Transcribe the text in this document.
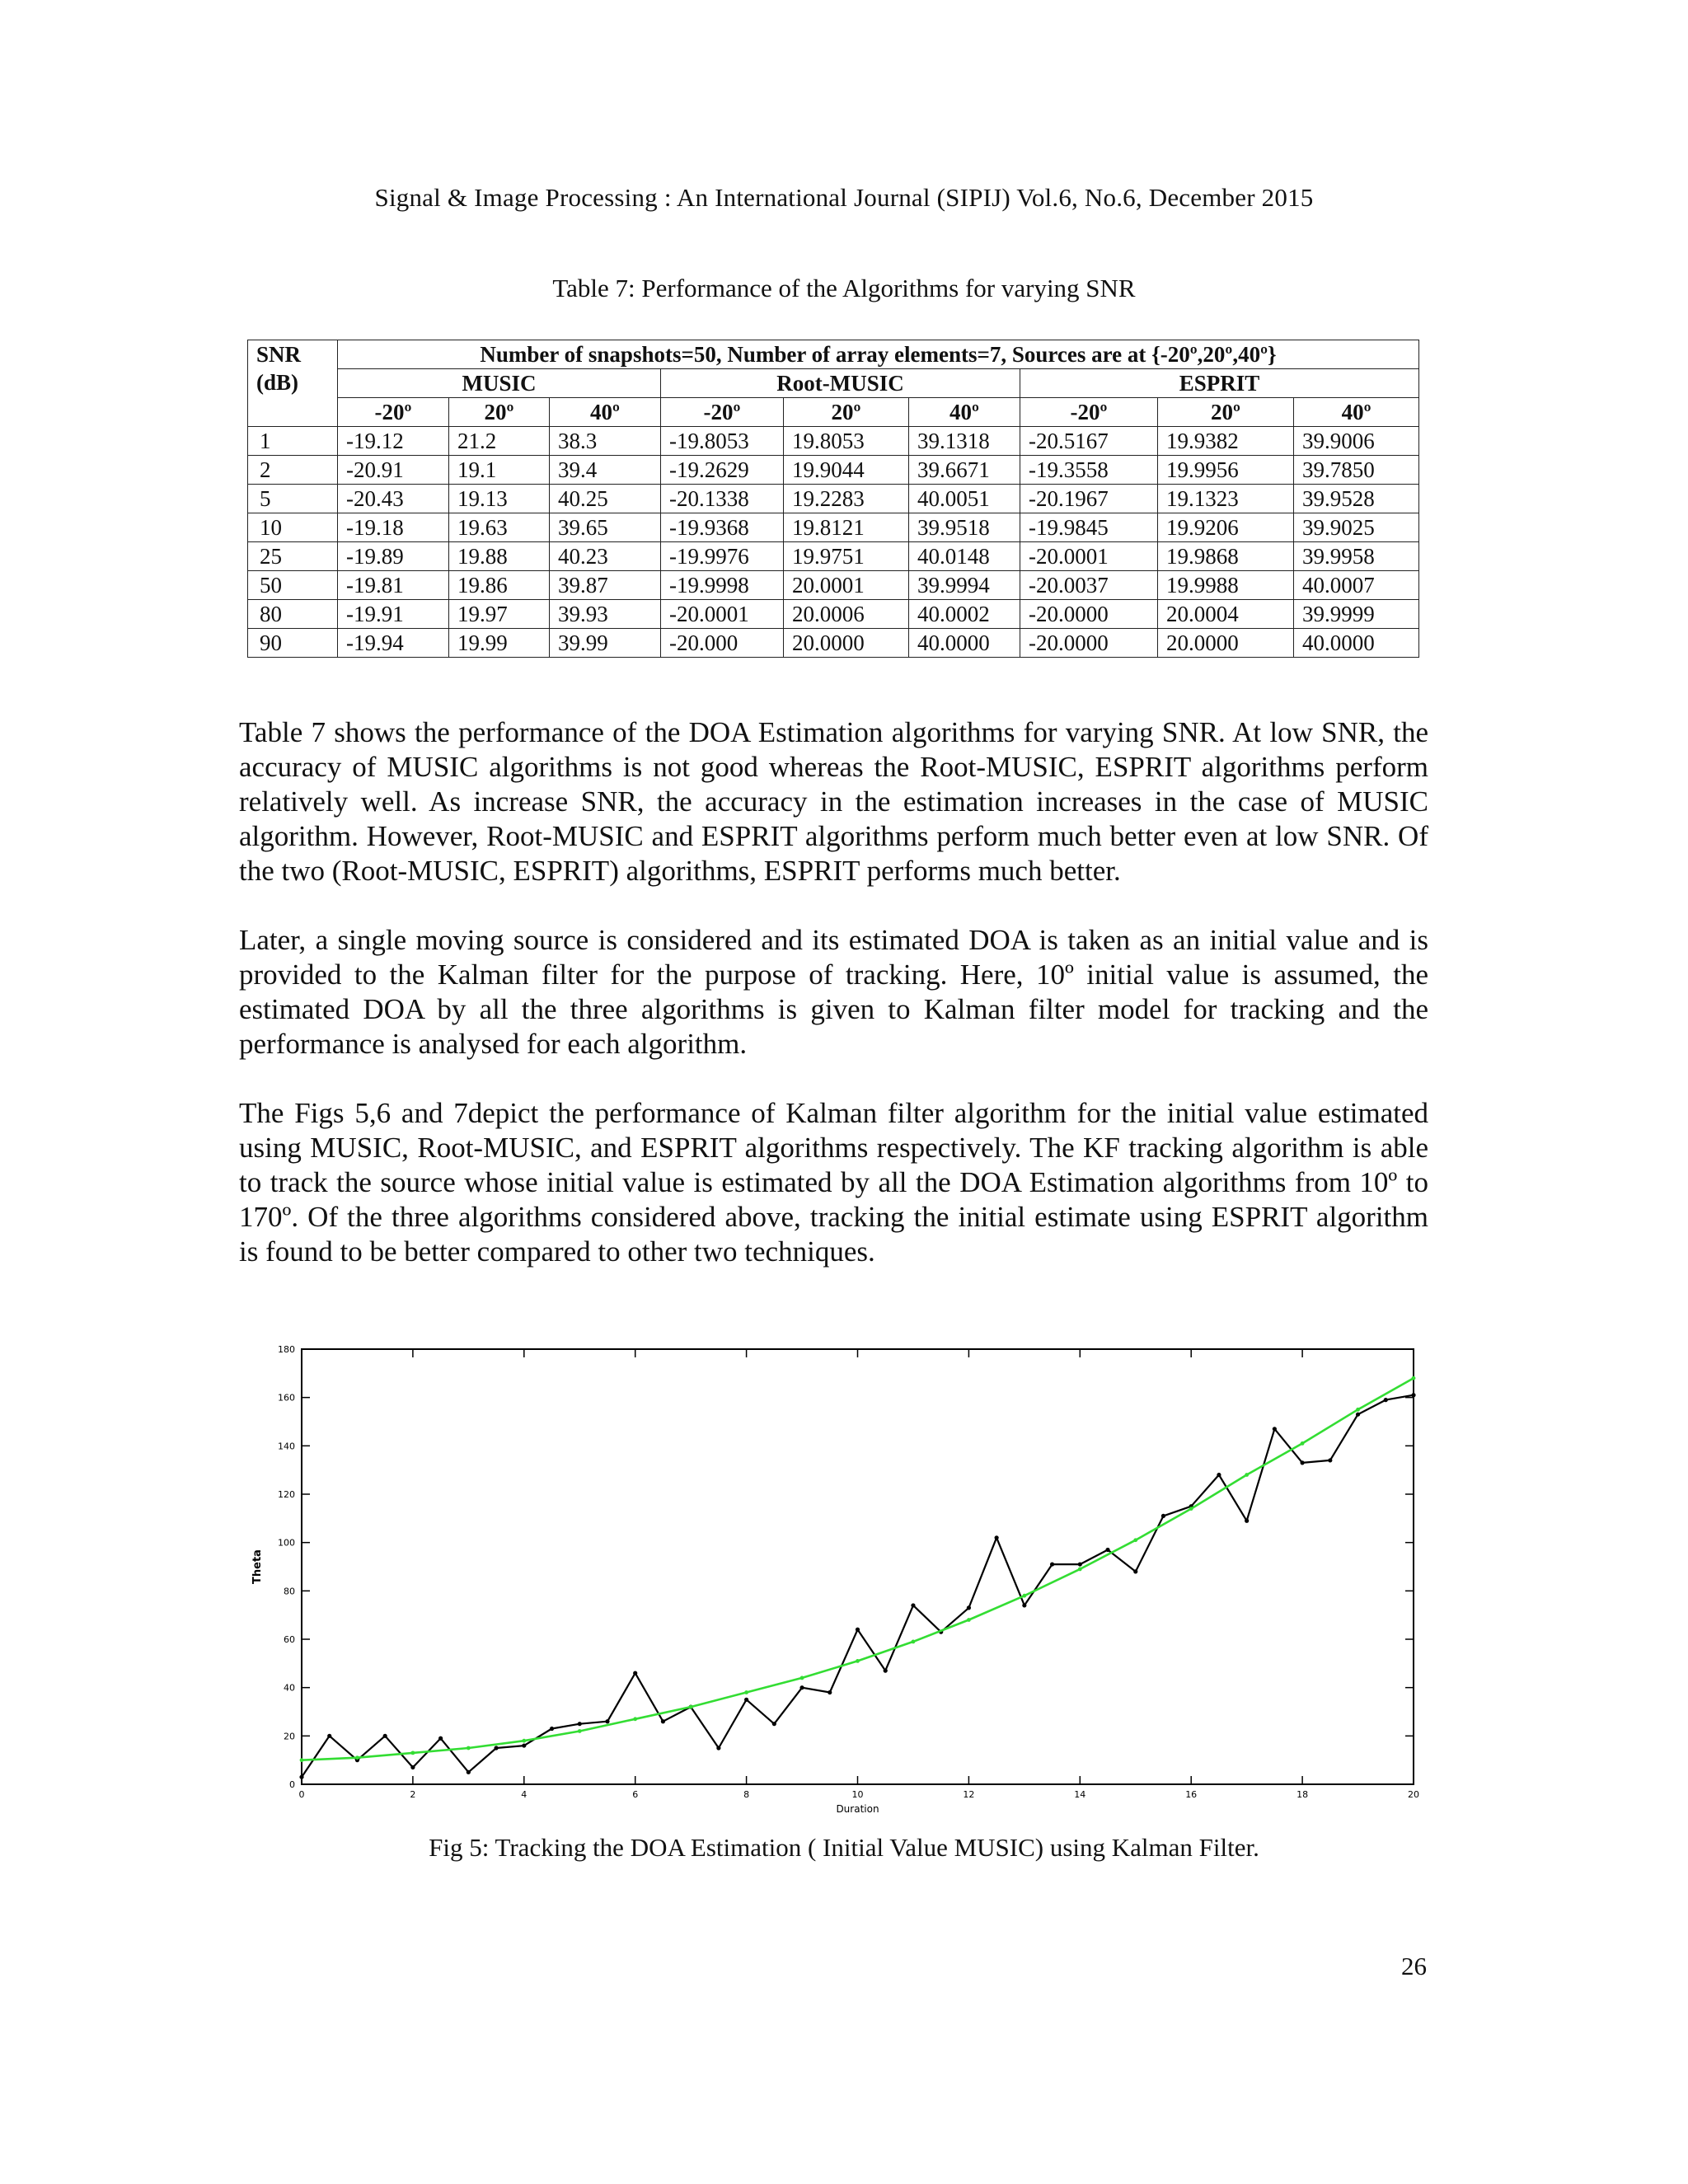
Signal & Image Processing : An International Journal (SIPIJ) Vol.6, No.6, December 2015
Table 7: Performance of the Algorithms for varying SNR
SNR
(dB)	Number of snapshots=50, Number of array elements=7, Sources are at {-20º,20º,40º}								
	MUSIC			Root-MUSIC			ESPRIT		
	-20º	20º	40º	-20º	20º	40º	-20º	20º	40º
1	-19.12	21.2	38.3	-19.8053	19.8053	39.1318	-20.5167	19.9382	39.9006
2	-20.91	19.1	39.4	-19.2629	19.9044	39.6671	-19.3558	19.9956	39.7850
5	-20.43	19.13	40.25	-20.1338	19.2283	40.0051	-20.1967	19.1323	39.9528
10	-19.18	19.63	39.65	-19.9368	19.8121	39.9518	-19.9845	19.9206	39.9025
25	-19.89	19.88	40.23	-19.9976	19.9751	40.0148	-20.0001	19.9868	39.9958
50	-19.81	19.86	39.87	-19.9998	20.0001	39.9994	-20.0037	19.9988	40.0007
80	-19.91	19.97	39.93	-20.0001	20.0006	40.0002	-20.0000	20.0004	39.9999
90	-19.94	19.99	39.99	-20.000	20.0000	40.0000	-20.0000	20.0000	40.0000

Table 7 shows the performance of the DOA Estimation algorithms for varying SNR. At low SNR, the accuracy of MUSIC algorithms is not good whereas the Root-MUSIC, ESPRIT algorithms perform relatively well. As increase SNR, the accuracy in the estimation increases in the case of MUSIC algorithm. However, Root-MUSIC and ESPRIT algorithms perform much better even at low SNR. Of the two (Root-MUSIC, ESPRIT) algorithms, ESPRIT performs much better.

Later, a single moving source is considered and its estimated DOA is taken as an initial value and is provided to the Kalman filter for the purpose of tracking. Here, 10º initial value is assumed, the estimated DOA by all the three algorithms is given to Kalman filter model for tracking and the performance is analysed for each algorithm.

The Figs 5,6 and 7depict the performance of Kalman filter algorithm for the initial value estimated using MUSIC, Root-MUSIC, and ESPRIT algorithms respectively. The KF tracking algorithm is able to track the source whose initial value is estimated by all the DOA Estimation algorithms from 10º to 170º. Of the three algorithms considered above, tracking the initial estimate using ESPRIT algorithm is found to be better compared to other two techniques.

0	2	4	6	8	10	12	14	16	18	20
0
20
40
60
80
100
120
140
160
180
Duration
Theta
Fig 5: Tracking the DOA Estimation ( Initial Value MUSIC) using Kalman Filter.
26
